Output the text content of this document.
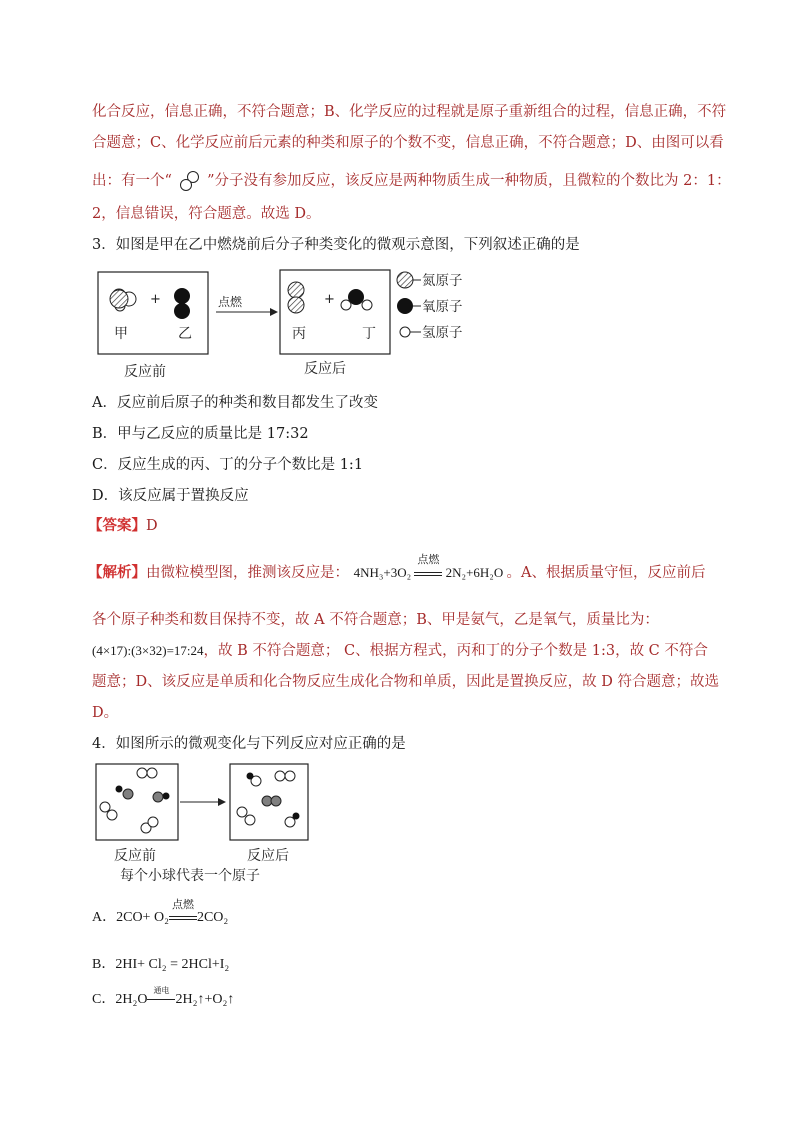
化合反应，信息正确，不符合题意；B、化学反应的过程就是原子重新组合的过程，信息正确，不符
合题意；C、化学反应前后元素的种类和原子的个数不变，信息正确，不符合题意；D、由图可以看
出：有一个“ ”分子没有参加反应，该反应是两种物质生成一种物质，且微粒的个数比为 2：1：
2，信息错误，符合题意。故选 D。
3．如图是甲在乙中燃烧前后分子种类变化的微观示意图，下列叙述正确的是
+
甲	乙
反应前
点燃	+
丙	丁
反应后
氮原子
氧原子
氢原子
A．反应前后原子的种类和数目都发生了改变
B．甲与乙反应的质量比是 17:32
C．反应生成的丙、丁的分子个数比是 1:1
D．该反应属于置换反应
【答案】D
【解析】由微粒模型图，推测该反应是： 4NH₃+3O₂
点燃
2N₂+6H₂O 。A、根据质量守恒，反应前后
各个原子种类和数目保持不变，故 A 不符合题意；B、甲是氨气，乙是氧气，质量比为：
(4×17):(3×32)=17:24，故 B 不符合题意； C、根据方程式，丙和丁的分子个数是 1:3，故 C 不符合
题意；D、该反应是单质和化合物反应生成化合物和单质，因此是置换反应，故 D 符合题意；故选
D。
4．如图所示的微观变化与下列反应对应正确的是
反应前	反应后
每个小球代表一个原子
A．2CO+ O₂
点燃
2CO₂
B．2HI+ Cl₂ = 2HCl+I₂
C．2H₂O
通电
2H₂↑+O₂↑
